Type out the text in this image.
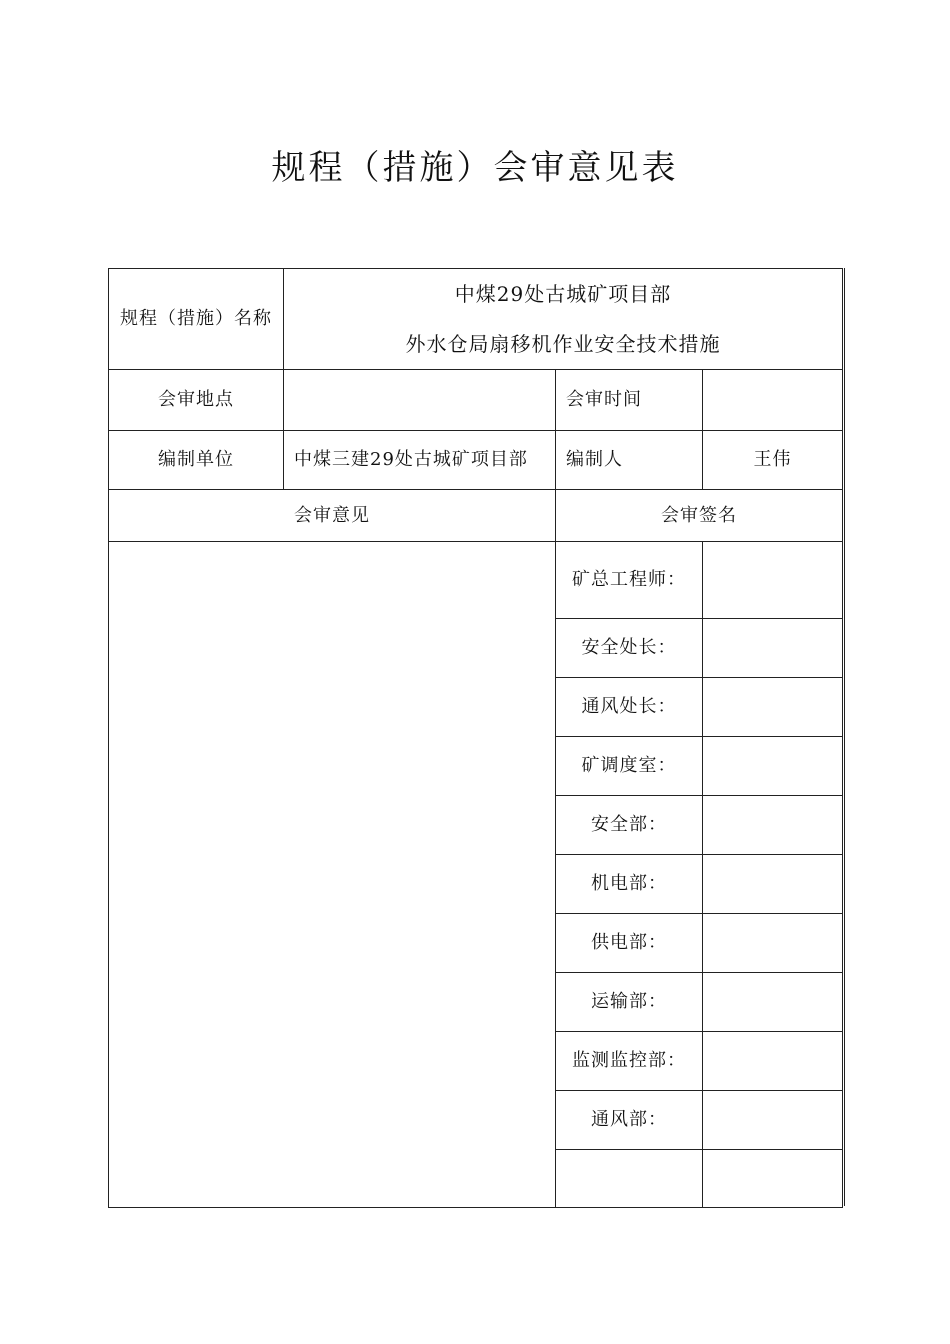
规程（措施）会审意见表
规程（措施）名称	中煤29处古城矿项目部
外水仓局扇移机作业安全技术措施		

会审地点		会审时间	
编制单位	中煤三建29处古城矿项目部	编制人	王伟
会审意见		会审签名	
		矿总工程师：	
		安全处长：	
		通风处长：	
		矿调度室：	
		安全部：	
		机电部：	
		供电部：	
		运输部：	
		监测监控部：	
		通风部：	
